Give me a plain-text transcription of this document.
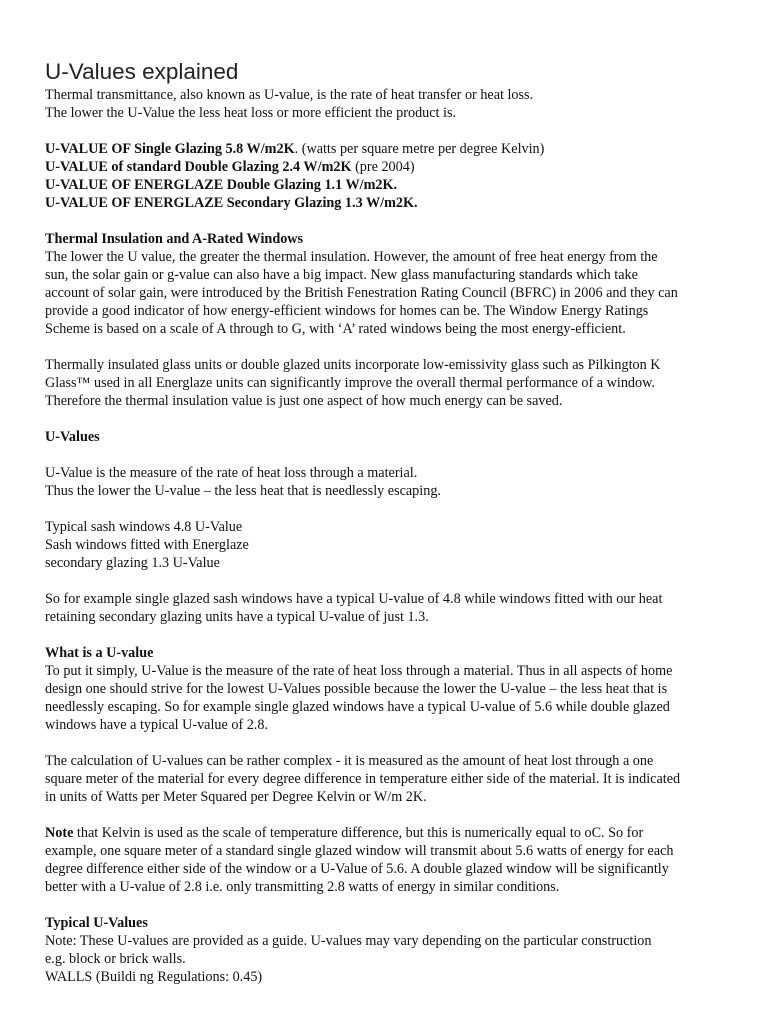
U-Values explained

Thermal transmittance, also known as U-value, is the rate of heat transfer or heat loss.
The lower the U-Value the less heat loss or more efficient the product is.

U-VALUE OF Single Glazing 5.8 W/m2K. (watts per square metre per degree Kelvin)
U-VALUE of standard Double Glazing 2.4 W/m2K (pre 2004)
U-VALUE OF ENERGLAZE Double Glazing 1.1 W/m2K.
U-VALUE OF ENERGLAZE Secondary Glazing 1.3 W/m2K.

Thermal Insulation and A-Rated Windows

The lower the U value, the greater the thermal insulation. However, the amount of free heat energy from the
sun, the solar gain or g-value can also have a big impact. New glass manufacturing standards which take
account of solar gain, were introduced by the British Fenestration Rating Council (BFRC) in 2006 and they can
provide a good indicator of how energy-efficient windows for homes can be. The Window Energy Ratings
Scheme is based on a scale of A through to G, with ‘A’ rated windows being the most energy-efficient.

Thermally insulated glass units or double glazed units incorporate low-emissivity glass such as Pilkington K
Glass™ used in all Energlaze units can significantly improve the overall thermal performance of a window.
Therefore the thermal insulation value is just one aspect of how much energy can be saved.

U-Values

U-Value is the measure of the rate of heat loss through a material.
Thus the lower the U-value – the less heat that is needlessly escaping.

Typical sash windows 4.8 U-Value
Sash windows fitted with Energlaze
secondary glazing 1.3 U-Value

So for example single glazed sash windows have a typical U-value of 4.8 while windows fitted with our heat
retaining secondary glazing units have a typical U-value of just 1.3.

What is a U-value

To put it simply, U-Value is the measure of the rate of heat loss through a material. Thus in all aspects of home
design one should strive for the lowest U-Values possible because the lower the U-value – the less heat that is
needlessly escaping. So for example single glazed windows have a typical U-value of 5.6 while double glazed
windows have a typical U-value of 2.8.

The calculation of U-values can be rather complex - it is measured as the amount of heat lost through a one
square meter of the material for every degree difference in temperature either side of the material. It is indicated
in units of Watts per Meter Squared per Degree Kelvin or W/m 2K.

Note that Kelvin is used as the scale of temperature difference, but this is numerically equal to oC. So for
example, one square meter of a standard single glazed window will transmit about 5.6 watts of energy for each
degree difference either side of the window or a U-Value of 5.6. A double glazed window will be significantly
better with a U-value of 2.8 i.e. only transmitting 2.8 watts of energy in similar conditions.

Typical U-Values

Note: These U-values are provided as a guide. U-values may vary depending on the particular construction
e.g. block or brick walls.
WALLS (Buildi ng Regulations: 0.45)
